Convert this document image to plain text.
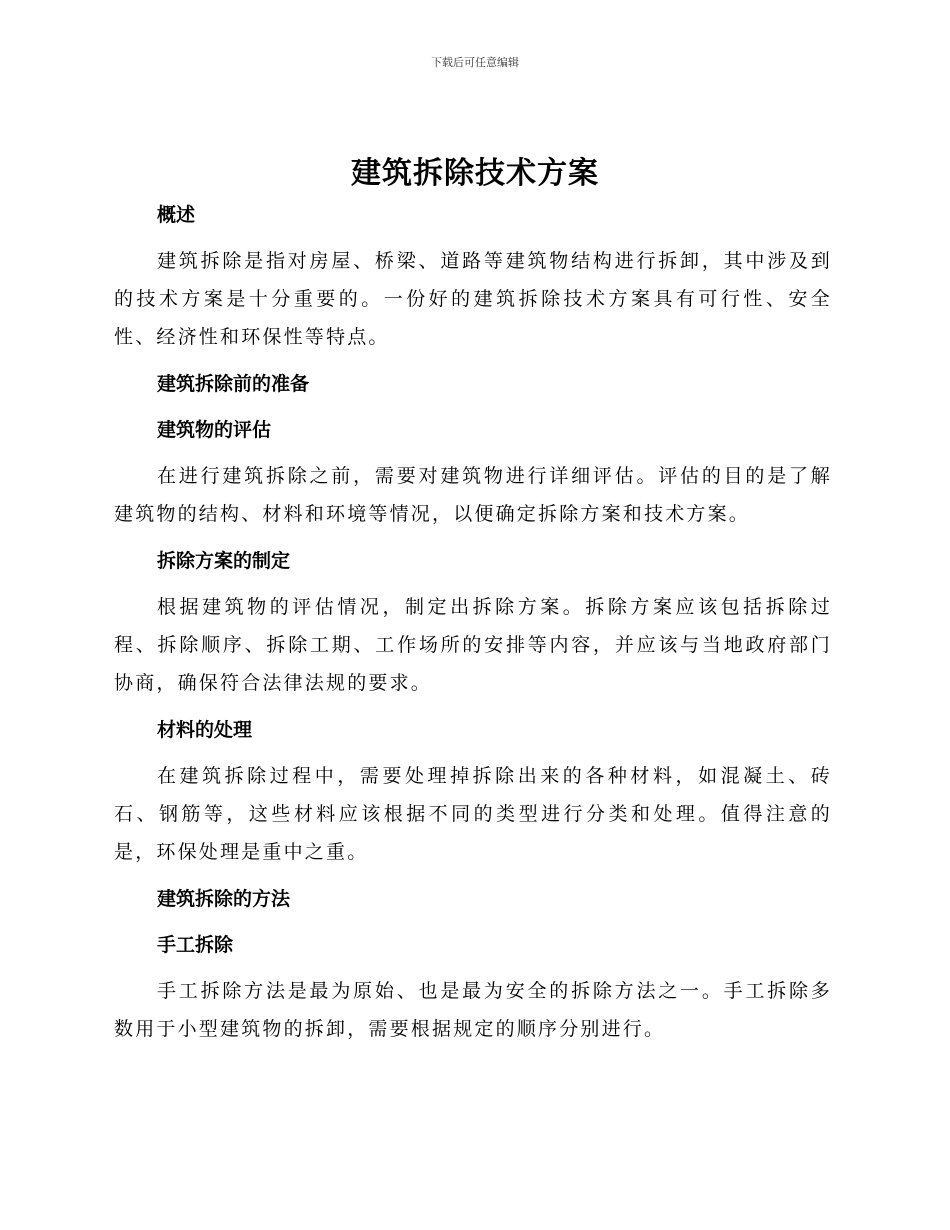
下载后可任意编辑
建筑拆除技术方案
概述

建筑拆除是指对房屋、桥梁、道路等建筑物结构进行拆卸，其中涉及到的技术方案是十分重要的。一份好的建筑拆除技术方案具有可行性、安全性、经济性和环保性等特点。

建筑拆除前的准备
建筑物的评估

在进行建筑拆除之前，需要对建筑物进行详细评估。评估的目的是了解建筑物的结构、材料和环境等情况，以便确定拆除方案和技术方案。

拆除方案的制定

根据建筑物的评估情况，制定出拆除方案。拆除方案应该包括拆除过程、拆除顺序、拆除工期、工作场所的安排等内容，并应该与当地政府部门协商，确保符合法律法规的要求。

材料的处理

在建筑拆除过程中，需要处理掉拆除出来的各种材料，如混凝土、砖石、钢筋等，这些材料应该根据不同的类型进行分类和处理。值得注意的是，环保处理是重中之重。

建筑拆除的方法
手工拆除

手工拆除方法是最为原始、也是最为安全的拆除方法之一。手工拆除多数用于小型建筑物的拆卸，需要根据规定的顺序分别进行。
